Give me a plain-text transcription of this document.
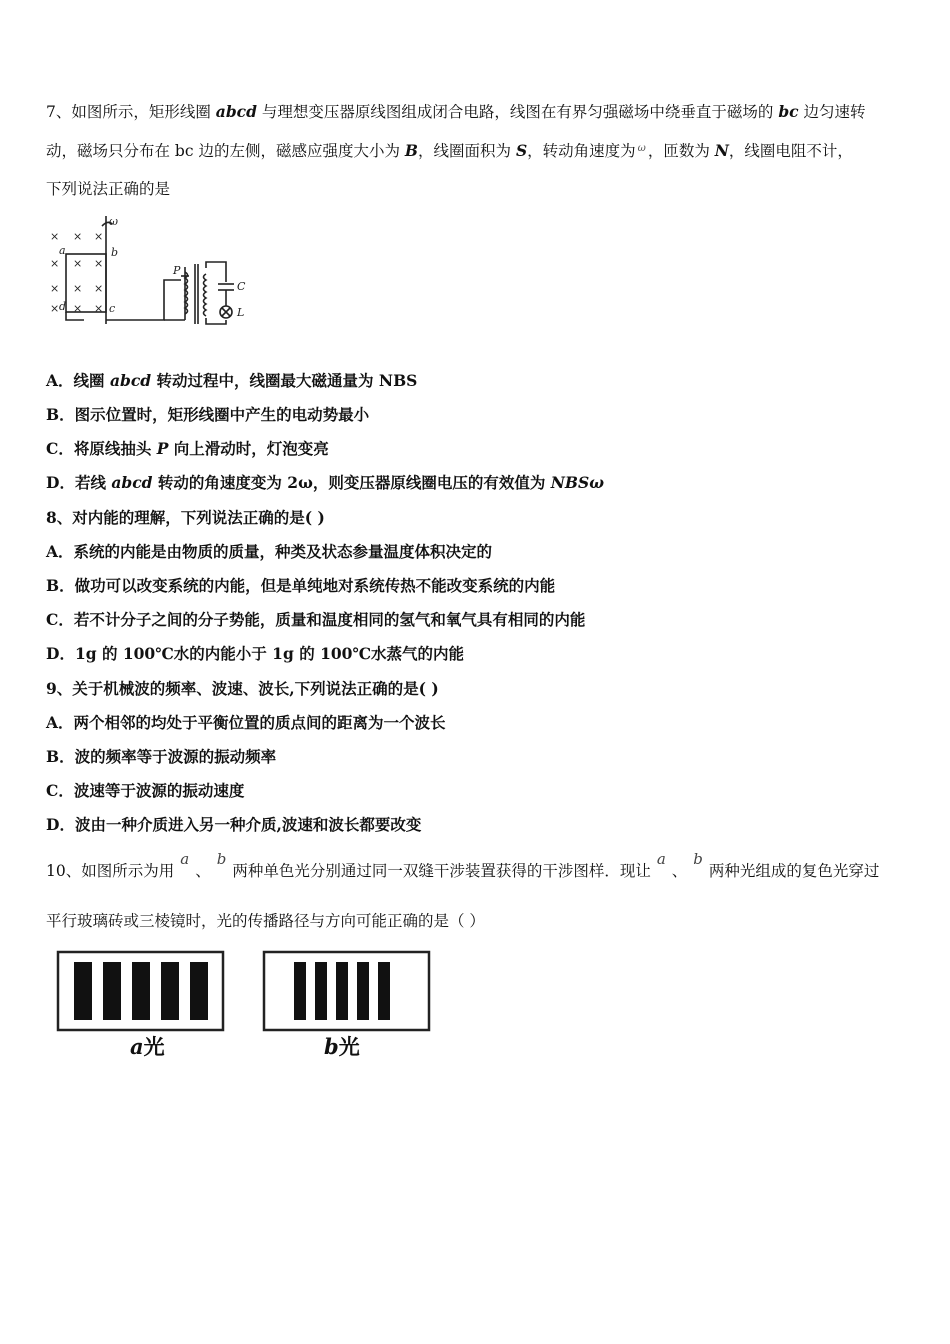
7、如图所示，矩形线圈 abcd 与理想变压器原线图组成闭合电路，线图在有界匀强磁场中绕垂直于磁场的 bc 边匀速转
动，磁场只分布在 bc 边的左侧，磁感应强度大小为 B，线圈面积为 S，转动角速度为 $^\omega$ ，匝数为 N，线圈电阻不计，
下列说法正确的是
× × ×
× × ×
× × ×
× × ×
ω
a	b
c
d
P
C
L
A．线圈 abcd 转动过程中，线圈最大磁通量为 NBS
B．图示位置时，矩形线圈中产生的电动势最小
C．将原线抽头 P 向上滑动时，灯泡变亮
D．若线 abcd 转动的角速度变为 2ω，则变压器原线圈电压的有效值为 NBSω
8、对内能的理解，下列说法正确的是( )
A．系统的内能是由物质的质量，种类及状态参量温度体积决定的
B．做功可以改变系统的内能，但是单纯地对系统传热不能改变系统的内能
C．若不计分子之间的分子势能，质量和温度相同的氢气和氧气具有相同的内能
D．1g 的 100℃水的内能小于 1g 的 100℃水蒸气的内能
9、关于机械波的频率、波速、波长,下列说法正确的是( )
A．两个相邻的均处于平衡位置的质点间的距离为一个波长
B．波的频率等于波源的振动频率
C．波速等于波源的振动速度
D．波由一种介质进入另一种介质,波速和波长都要改变
10、如图所示为用a、b两种单色光分别通过同一双缝干涉装置获得的干涉图样．现让a、b两种光组成的复色光穿过
平行玻璃砖或三棱镜时，光的传播路径与方向可能正确的是（ ）
a光	b光
